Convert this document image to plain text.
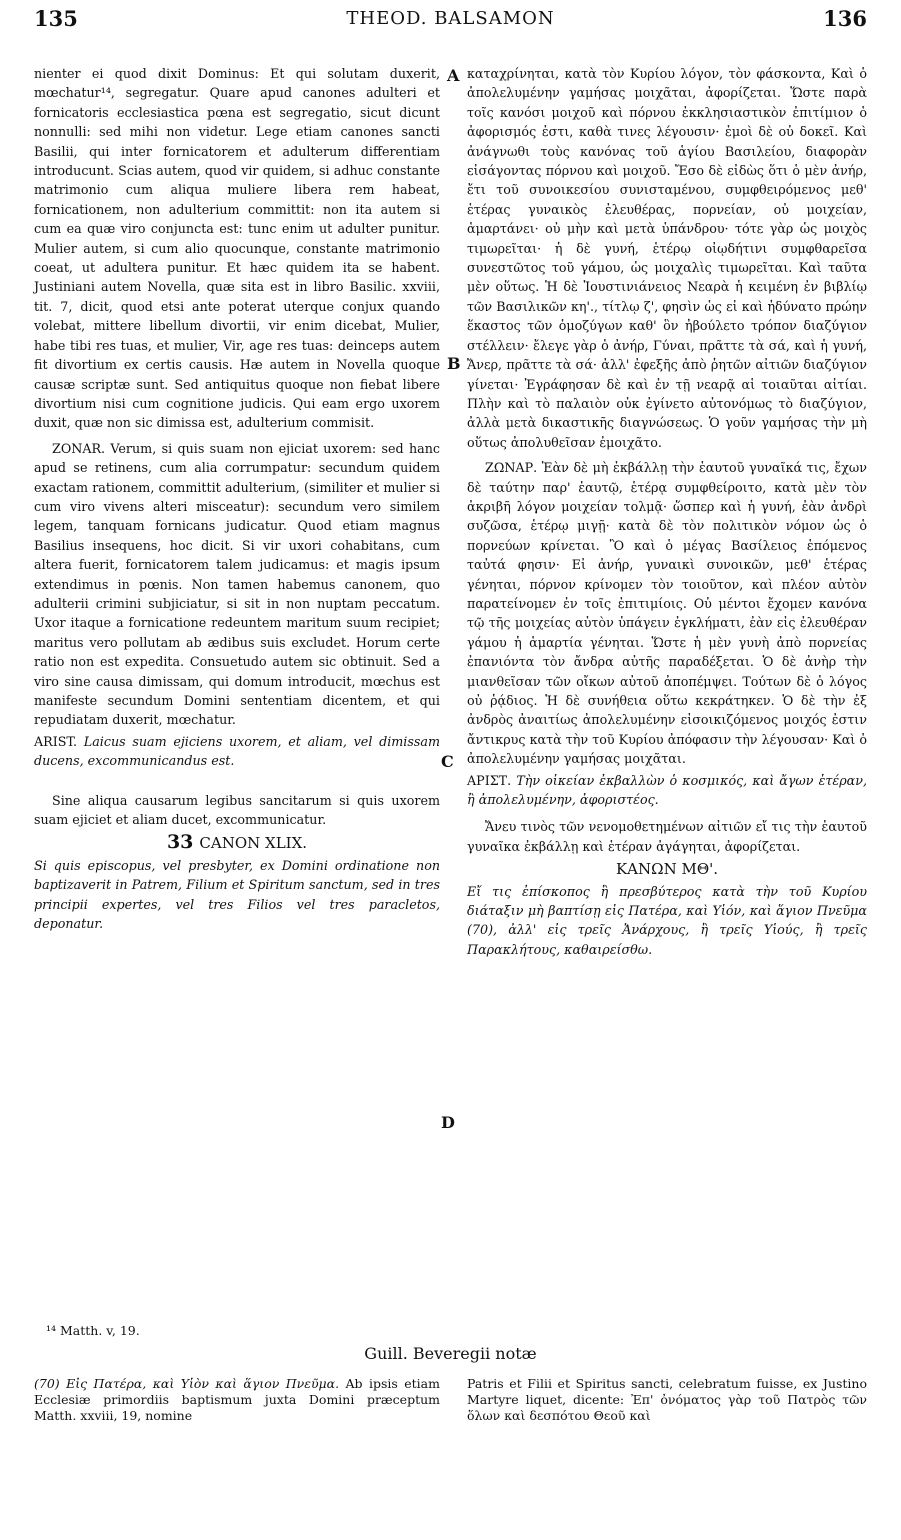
135	THEOD. BALSAMON	136

nienter ei quod dixit Dominus: Et qui solutam duxerit, mœchatur¹⁴, segregatur. Quare apud canones adulteri et fornicatoris ecclesiastica pœna est segregatio, sicut dicunt nonnulli: sed mihi non videtur. Lege etiam canones sancti Basilii, qui inter fornicatorem et adulterum differentiam introducunt. Scias autem, quod vir quidem, si adhuc constante matrimonio cum aliqua muliere libera rem habeat, fornicationem, non adulterium committit: non ita autem si cum ea quæ viro conjuncta est: tunc enim ut adulter punitur. Mulier autem, si cum alio quocunque, constante matrimonio coeat, ut adultera punitur. Et hæc quidem ita se habent. Justiniani autem Novella, quæ sita est in libro Basilic. xxviii, tit. 7, dicit, quod etsi ante poterat uterque conjux quando volebat, mittere libellum divortii, vir enim dicebat, Mulier, habe tibi res tuas, et mulier, Vir, age res tuas: deinceps autem fit divortium ex certis causis. Hæ autem in Novella quoque causæ scriptæ sunt. Sed antiquitus quoque non fiebat libere divortium nisi cum cognitione judicis. Qui eam ergo uxorem duxit, quæ non sic dimissa est, adulterium commisit.

ZONAR. Verum, si quis suam non ejiciat uxorem: sed hanc apud se retinens, cum alia corrumpatur: secundum quidem exactam rationem, committit adulterium, (similiter et mulier si cum viro vivens alteri misceatur): secundum vero similem legem, tanquam fornicans judicatur. Quod etiam magnus Basilius insequens, hoc dicit. Si vir uxori cohabitans, cum altera fuerit, fornicatorem talem judicamus: et magis ipsum extendimus in pœnis. Non tamen habemus canonem, quo adulterii crimini subjiciatur, si sit in non nuptam peccatum. Uxor itaque a fornicatione redeuntem maritum suum recipiet; maritus vero pollutam ab ædibus suis excludet. Horum certe ratio non est expedita. Consuetudo autem sic obtinuit. Sed a viro sine causa dimissam, qui domum introducit, mœchus est manifeste secundum Domini sententiam dicentem, et qui repudiatam duxerit, mœchatur.

ARIST. Laicus suam ejiciens uxorem, et aliam, vel dimissam ducens, excommunicandus est.

Sine aliqua causarum legibus sancitarum si quis uxorem suam ejiciet et aliam ducet, excommunicatur.

33 CANON XLIX.

Si quis episcopus, vel presbyter, ex Domini ordinatione non baptizaverit in Patrem, Filium et Spiritum sanctum, sed in tres principii expertes, vel tres Filios vel tres paracletos, deponatur.

A
B
C
D

καταχρίνηται, κατὰ τὸν Κυρίου λόγον, τὸν φάσκοντα, Καὶ ὁ ἀπολελυμένην γαμήσας μοιχᾶται, ἀφορίζεται. Ὥστε παρὰ τοῖς κανόσι μοιχοῦ καὶ πόρνου ἐκκλησιαστικὸν ἐπιτίμιον ὁ ἀφορισμός ἐστι, καθὰ τινες λέγουσιν· ἐμοὶ δὲ οὐ δοκεῖ. Καὶ ἀνάγνωθι τοὺς κανόνας τοῦ ἁγίου Βασιλείου, διαφορὰν εἰσάγοντας πόρνου καὶ μοιχοῦ. Ἔσο δὲ εἰδὼς ὅτι ὁ μὲν ἀνήρ, ἔτι τοῦ συνοικεσίου συνισταμένου, συμφθειρόμενος μεθ' ἑτέρας γυναικὸς ἐλευθέρας, πορνείαν, οὐ μοιχείαν, ἁμαρτάνει· οὐ μὴν καὶ μετὰ ὑπάνδρου· τότε γὰρ ὡς μοιχὸς τιμωρεῖται· ἡ δὲ γυνή, ἑτέρῳ οἰῳδήτινι συμφθαρεῖσα συνεστῶτος τοῦ γάμου, ὡς μοιχαλὶς τιμωρεῖται. Καὶ ταῦτα μὲν οὕτως. Ἡ δὲ Ἰουστινιάνειος Νεαρὰ ἡ κειμένη ἐν βιβλίῳ τῶν Βασιλικῶν κη'., τίτλῳ ζ', φησὶν ὡς εἰ καὶ ἠδύνατο πρώην ἕκαστος τῶν ὁμοζύγων καθ' ὃν ἠβούλετο τρόπον διαζύγιον στέλλειν· ἔλεγε γὰρ ὁ ἀνήρ, Γύναι, πρᾶττε τὰ σά, καὶ ἡ γυνή, Ἄνερ, πρᾶττε τὰ σά· ἀλλ' ἐφεξῆς ἀπὸ ῥητῶν αἰτιῶν διαζύγιον γίνεται· Ἐγράφησαν δὲ καὶ ἐν τῇ νεαρᾷ αἱ τοιαῦται αἰτίαι. Πλὴν καὶ τὸ παλαιὸν οὐκ ἐγίνετο αὐτονόμως τὸ διαζύγιον, ἀλλὰ μετὰ δικαστικῆς διαγνώσεως. Ὁ γοῦν γαμήσας τὴν μὴ οὕτως ἀπολυθεῖσαν ἐμοιχᾶτο.

ΖΩΝΑΡ. Ἐὰν δὲ μὴ ἐκβάλλῃ τὴν ἑαυτοῦ γυναῖκά τις, ἔχων δὲ ταύτην παρ' ἑαυτῷ, ἑτέρᾳ συμφθείροιτο, κατὰ μὲν τὸν ἀκριβῆ λόγον μοιχείαν τολμᾷ· ὥσπερ καὶ ἡ γυνή, ἐὰν ἀνδρὶ συζῶσα, ἑτέρῳ μιγῇ· κατὰ δὲ τὸν πολιτικὸν νόμον ὡς ὁ πορνεύων κρίνεται. Ὃ καὶ ὁ μέγας Βασίλειος ἑπόμενος ταὐτά φησιν· Εἰ ἀνήρ, γυναικὶ συνοικῶν, μεθ' ἑτέρας γένηται, πόρνον κρίνομεν τὸν τοιοῦτον, καὶ πλέον αὐτὸν παρατείνομεν ἐν τοῖς ἐπιτιμίοις. Οὐ μέντοι ἔχομεν κανόνα τῷ τῆς μοιχείας αὐτὸν ὑπάγειν ἐγκλήματι, ἐὰν εἰς ἐλευθέραν γάμου ἡ ἁμαρτία γένηται. Ὥστε ἡ μὲν γυνὴ ἀπὸ πορνείας ἐπανιόντα τὸν ἄνδρα αὐτῆς παραδέξεται. Ὁ δὲ ἀνὴρ τὴν μιανθεῖσαν τῶν οἴκων αὐτοῦ ἀποπέμψει. Τούτων δὲ ὁ λόγος οὐ ῥᾴδιος. Ἡ δὲ συνήθεια οὕτω κεκράτηκεν. Ὁ δὲ τὴν ἐξ ἀνδρὸς ἀναιτίως ἀπολελυμένην εἰσοικιζόμενος μοιχός ἐστιν ἄντικρυς κατὰ τὴν τοῦ Κυρίου ἀπόφασιν τὴν λέγουσαν· Καὶ ὁ ἀπολελυμένην γαμήσας μοιχᾶται.

ΑΡΙΣΤ. Τὴν οἰκείαν ἐκβαλλὼν ὁ κοσμικός, καὶ ἄγων ἑτέραν, ἢ ἀπολελυμένην, ἀφοριστέος.

Ἄνευ τινὸς τῶν νενομοθετημένων αἰτιῶν εἴ τις τὴν ἑαυτοῦ γυναῖκα ἐκβάλλῃ καὶ ἑτέραν ἀγάγηται, ἀφορίζεται.

ΚΑΝΩΝ ΜΘ'.

Εἴ τις ἐπίσκοπος ἢ πρεσβύτερος κατὰ τὴν τοῦ Κυρίου διάταξιν μὴ βαπτίσῃ εἰς Πατέρα, καὶ Υἱόν, καὶ ἅγιον Πνεῦμα (70), ἀλλ' εἰς τρεῖς Ἀνάρχους, ἢ τρεῖς Υἱούς, ἢ τρεῖς Παρακλήτους, καθαιρείσθω.

¹⁴ Matth. v, 19.
Guill. Beveregii notæ
(70) Εἰς Πατέρα, καὶ Υἱὸν καὶ ἅγιον Πνεῦμα. Ab ipsis etiam Ecclesiæ primordiis baptismum juxta Domini præceptum Matth. xxviii, 19, nomine
Patris et Filii et Spiritus sancti, celebratum fuisse, ex Justino Martyre liquet, dicente: Ἐπ' ὀνόματος γὰρ τοῦ Πατρὸς τῶν ὅλων καὶ δεσπότου Θεοῦ καὶ
